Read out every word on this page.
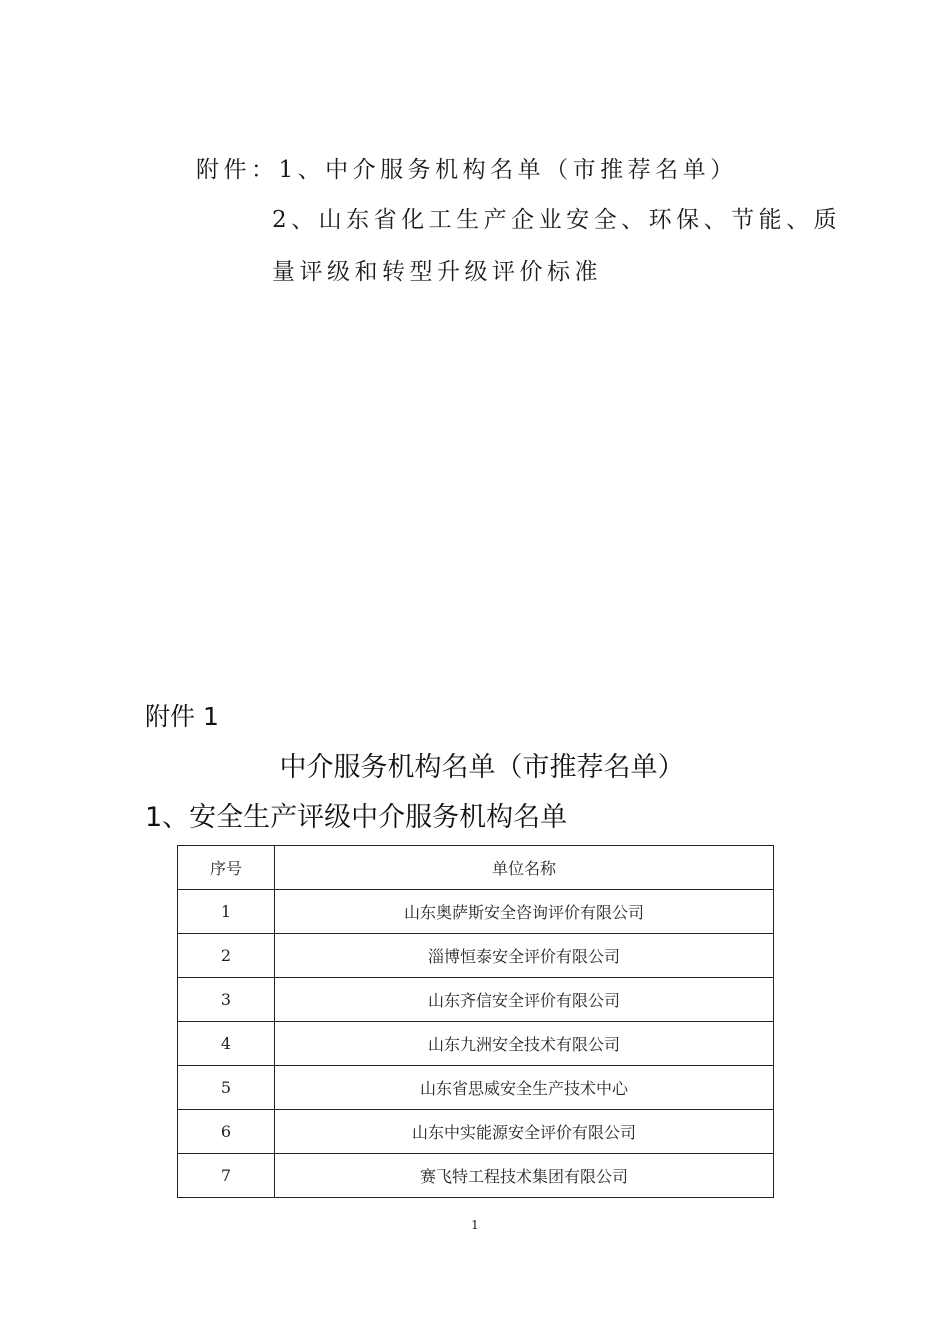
附件：1、中介服务机构名单（市推荐名单）
2、山东省化工生产企业安全、环保、节能、质
量评级和转型升级评价标准
附件 1
中介服务机构名单（市推荐名单）
1、安全生产评级中介服务机构名单
序号	单位名称
1	山东奥萨斯安全咨询评价有限公司
2	淄博恒泰安全评价有限公司
3	山东齐信安全评价有限公司
4	山东九洲安全技术有限公司
5	山东省思威安全生产技术中心
6	山东中实能源安全评价有限公司
7	赛飞特工程技术集团有限公司
1
